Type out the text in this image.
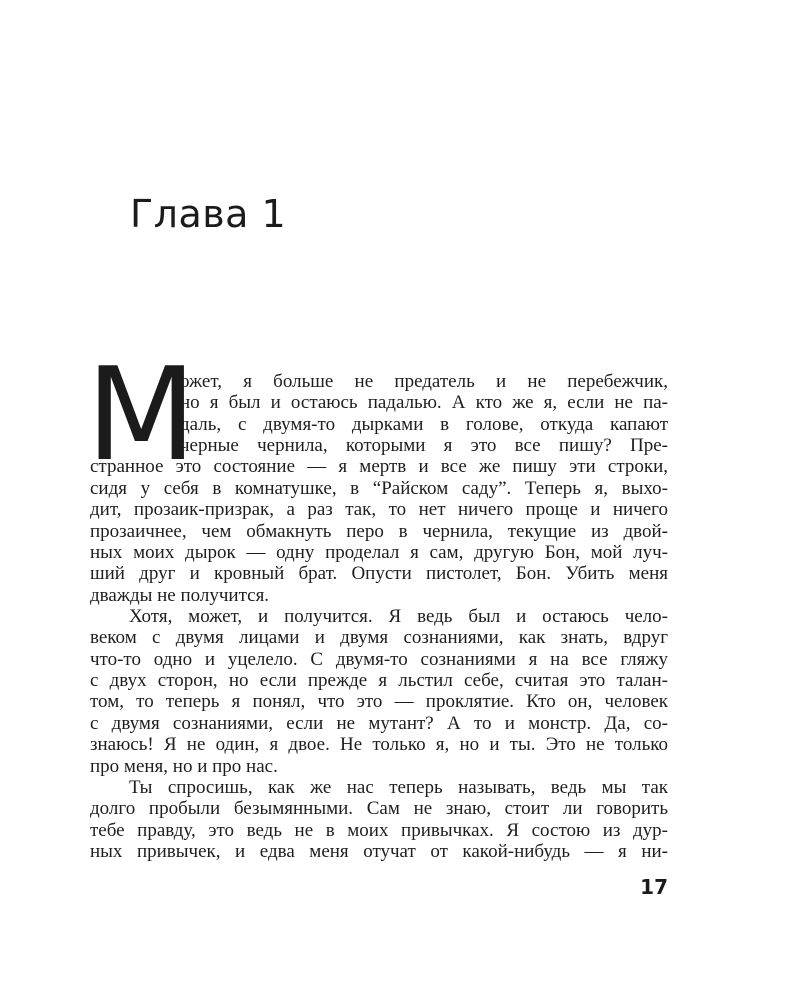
Глава 1
М
ожет, я больше не предатель и не перебежчик,
но я был и остаюсь падалью. А кто же я, если не па-
даль, с двумя-то дырками в голове, откуда капают
черные чернила, которыми я это все пишу? Пре-
странное это состояние — я мертв и все же пишу эти строки,
сидя у себя в комнатушке, в “Райском саду”. Теперь я, выхо-
дит, прозаик-призрак, а раз так, то нет ничего проще и ничего
прозаичнее, чем обмакнуть перо в чернила, текущие из двой-
ных моих дырок — одну проделал я сам, другую Бон, мой луч-
ший друг и кровный брат. Опусти пистолет, Бон. Убить меня
дважды не получится.
Хотя, может, и получится. Я ведь был и остаюсь чело-
веком с двумя лицами и двумя сознаниями, как знать, вдруг
что-то одно и уцелело. С двумя-то сознаниями я на все гляжу
с двух сторон, но если прежде я льстил себе, считая это талан-
том, то теперь я понял, что это — проклятие. Кто он, человек
с двумя сознаниями, если не мутант? А то и монстр. Да, со-
знаюсь! Я не один, я двое. Не только я, но и ты. Это не только
про меня, но и про нас.
Ты спросишь, как же нас теперь называть, ведь мы так
долго пробыли безымянными. Сам не знаю, стоит ли говорить
тебе правду, это ведь не в моих привычках. Я состою из дур-
ных привычек, и едва меня отучат от какой-нибудь — я ни-
17
